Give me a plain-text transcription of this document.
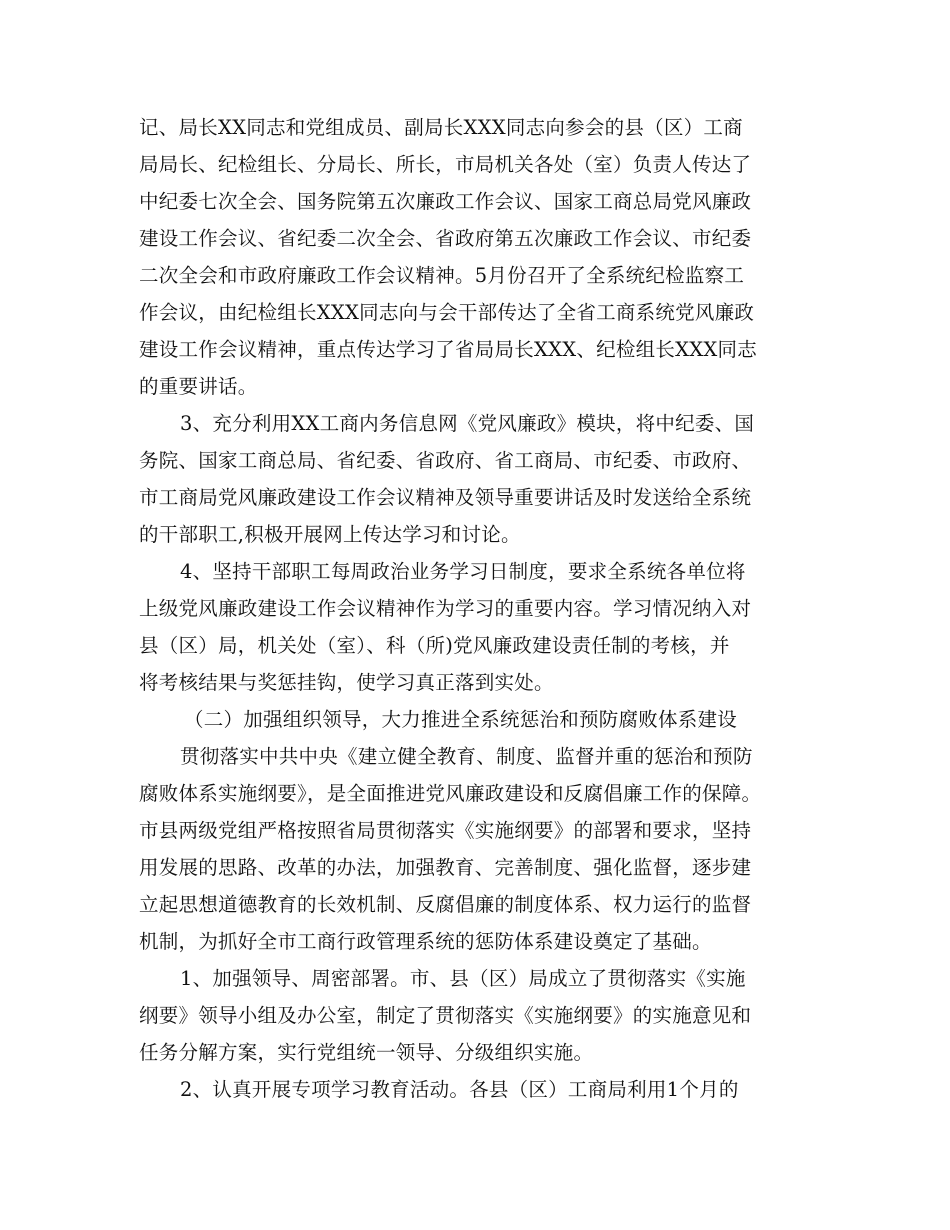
记、局长XX同志和党组成员、副局长XXX同志向参会的县（区）工商
局局长、纪检组长、分局长、所长，市局机关各处（室）负责人传达了
中纪委七次全会、国务院第五次廉政工作会议、国家工商总局党风廉政
建设工作会议、省纪委二次全会、省政府第五次廉政工作会议、市纪委
二次全会和市政府廉政工作会议精神。5月份召开了全系统纪检监察工
作会议，由纪检组长XXX同志向与会干部传达了全省工商系统党风廉政
建设工作会议精神，重点传达学习了省局局长XXX、纪检组长XXX同志
的重要讲话。
3、充分利用XX工商内务信息网《党风廉政》模块，将中纪委、国
务院、国家工商总局、省纪委、省政府、省工商局、市纪委、市政府、
市工商局党风廉政建设工作会议精神及领导重要讲话及时发送给全系统
的干部职工,积极开展网上传达学习和讨论。
4、坚持干部职工每周政治业务学习日制度，要求全系统各单位将
上级党风廉政建设工作会议精神作为学习的重要内容。学习情况纳入对
县（区）局，机关处（室）、科（所)党风廉政建设责任制的考核，并
将考核结果与奖惩挂钩，使学习真正落到实处。
（二）加强组织领导，大力推进全系统惩治和预防腐败体系建设
贯彻落实中共中央《建立健全教育、制度、监督并重的惩治和预防
腐败体系实施纲要》，是全面推进党风廉政建设和反腐倡廉工作的保障。
市县两级党组严格按照省局贯彻落实《实施纲要》的部署和要求，坚持
用发展的思路、改革的办法，加强教育、完善制度、强化监督，逐步建
立起思想道德教育的长效机制、反腐倡廉的制度体系、权力运行的监督
机制，为抓好全市工商行政管理系统的惩防体系建设奠定了基础。
1、加强领导、周密部署。市、县（区）局成立了贯彻落实《实施
纲要》领导小组及办公室，制定了贯彻落实《实施纲要》的实施意见和
任务分解方案，实行党组统一领导、分级组织实施。
2、认真开展专项学习教育活动。各县（区）工商局利用1个月的
